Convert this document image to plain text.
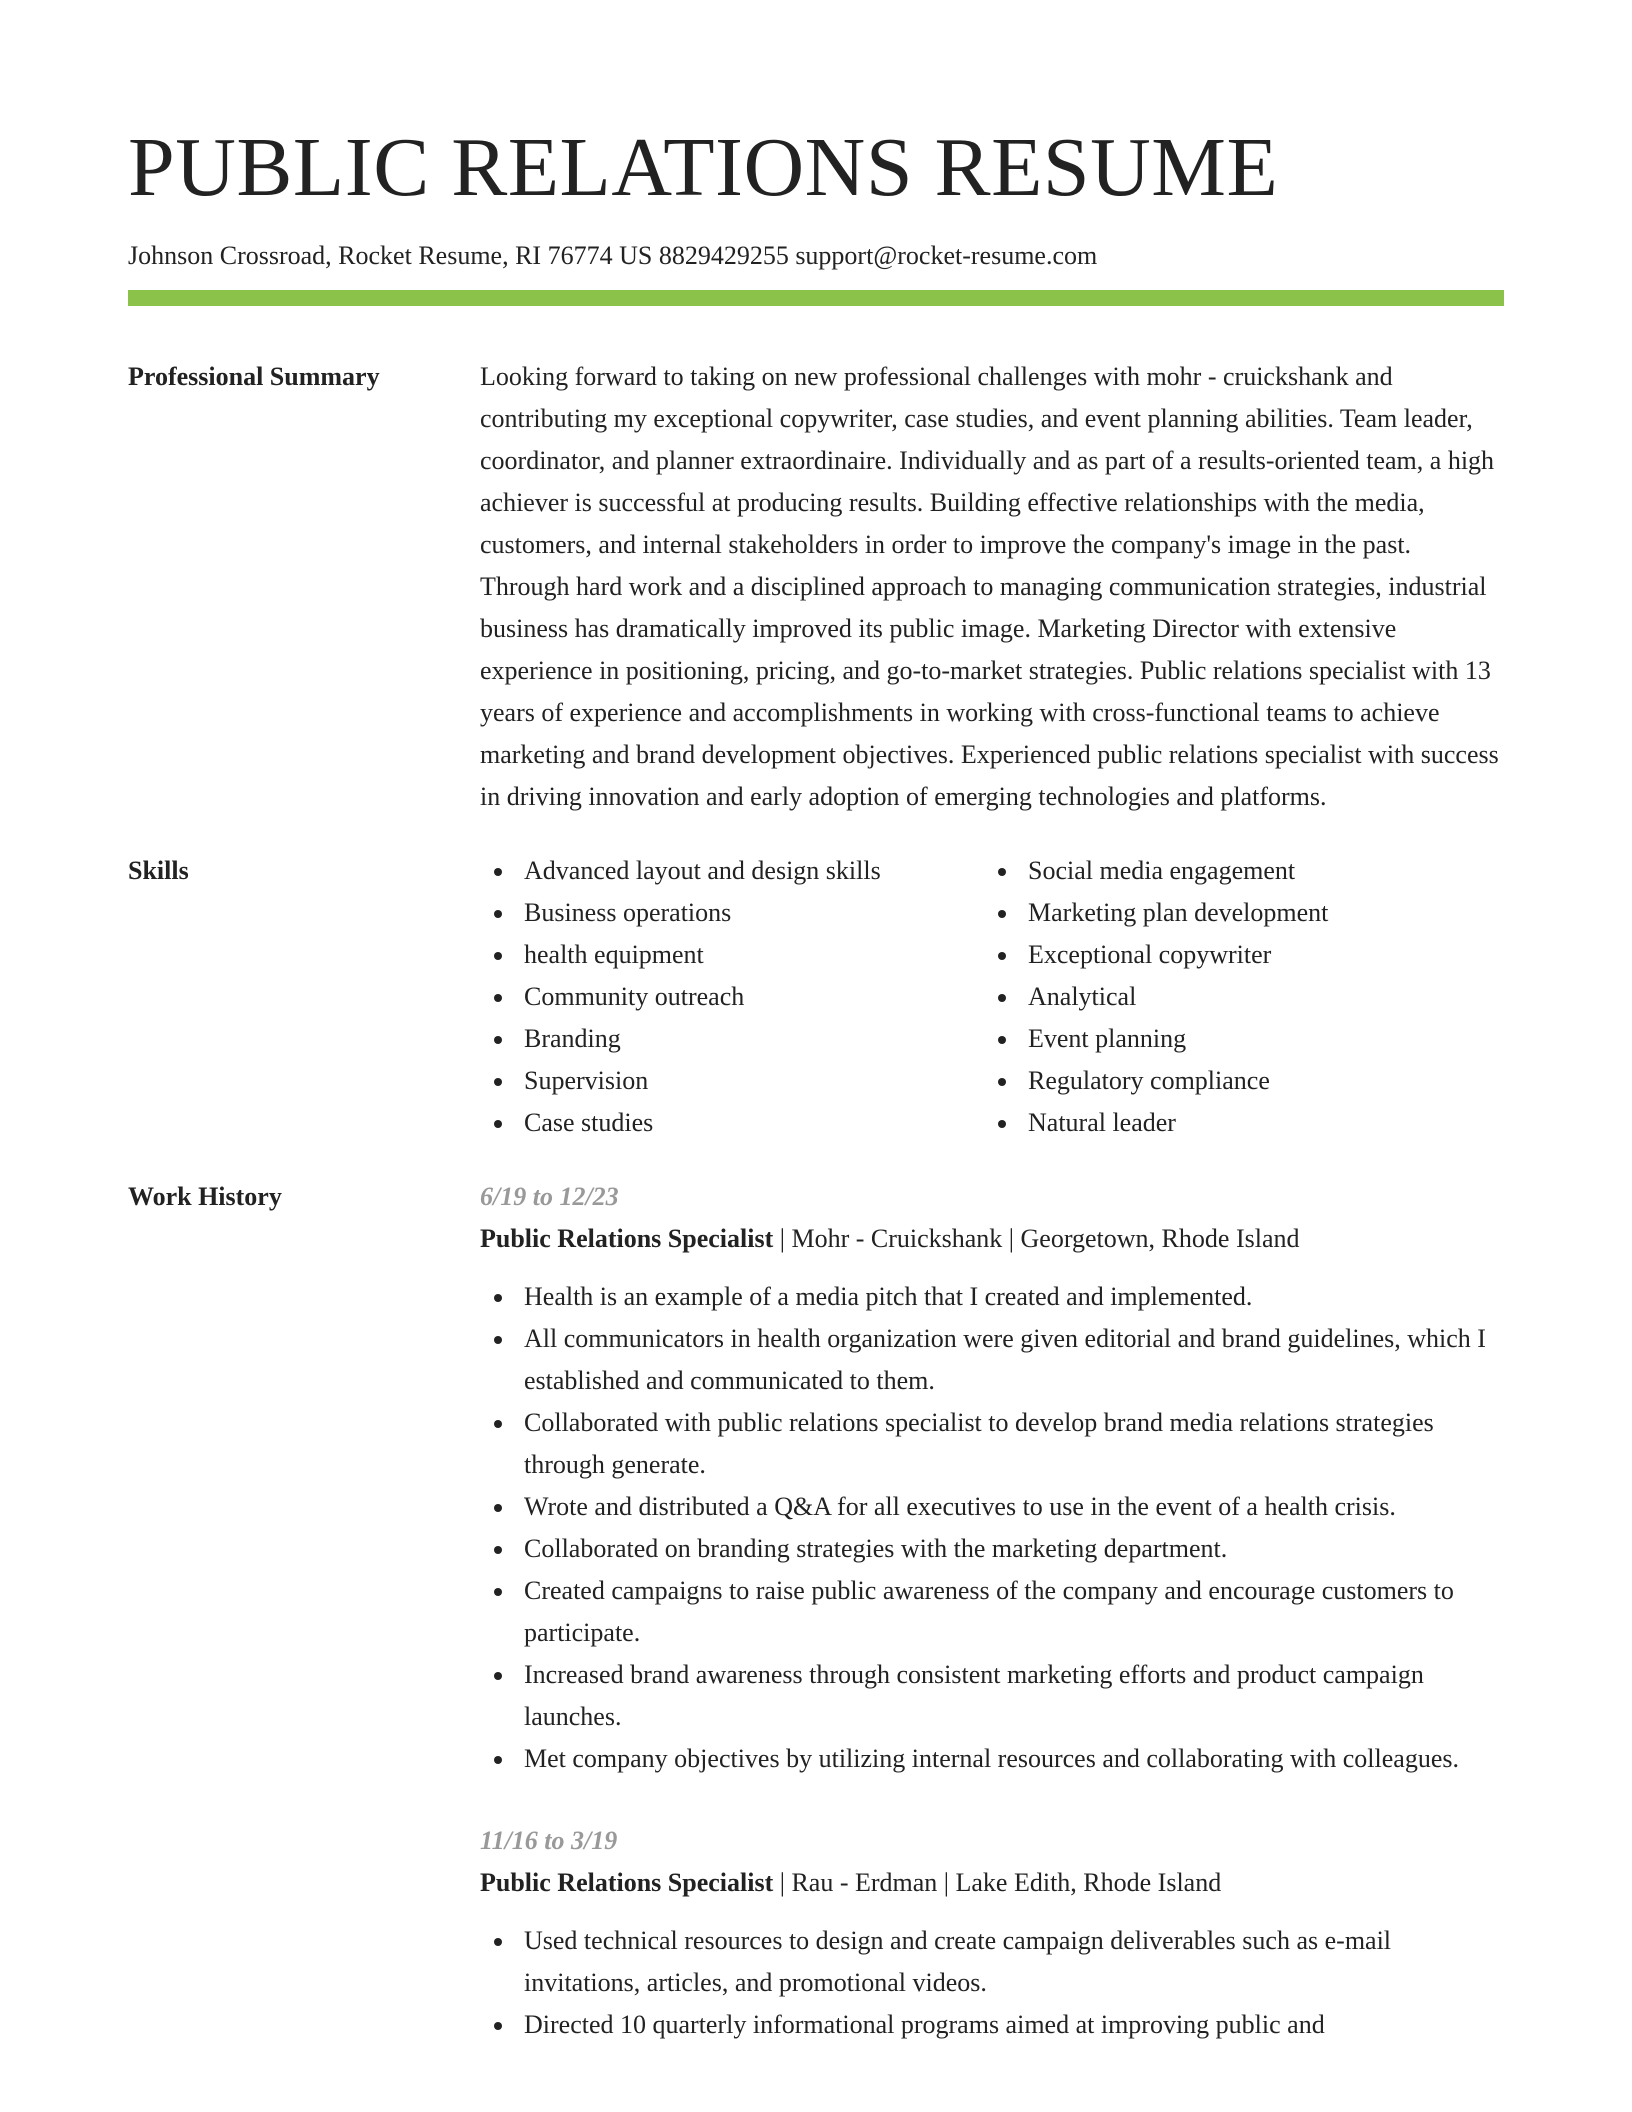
PUBLIC RELATIONS RESUME
Johnson Crossroad, Rocket Resume, RI 76774 US 8829429255 support@rocket-resume.com
Professional Summary	Looking forward to taking on new professional challenges with mohr - cruickshank and contributing my exceptional copywriter, case studies, and event planning abilities. Team leader, coordinator, and planner extraordinaire. Individually and as part of a results-oriented team, a high achiever is successful at producing results. Building effective relationships with the media, customers, and internal stakeholders in order to improve the company's image in the past. Through hard work and a disciplined approach to managing communication strategies, industrial business has dramatically improved its public image. Marketing Director with extensive experience in positioning, pricing, and go-to-market strategies. Public relations specialist with 13 years of experience and accomplishments in working with cross-functional teams to achieve marketing and brand development objectives. Experienced public relations specialist with success in driving innovation and early adoption of emerging technologies and platforms.
Skills	Advanced layout and design skills
Business operations
health equipment
Community outreach
Branding
Supervision
Case studies
Social media engagement
Marketing plan development
Exceptional copywriter
Analytical
Event planning
Regulatory compliance
Natural leader
Work History	6/19 to 12/23
Public Relations Specialist | Mohr - Cruickshank | Georgetown, Rhode Island
Health is an example of a media pitch that I created and implemented.
All communicators in health organization were given editorial and brand guidelines, which I established and communicated to them.
Collaborated with public relations specialist to develop brand media relations strategies through generate.
Wrote and distributed a Q&A for all executives to use in the event of a health crisis.
Collaborated on branding strategies with the marketing department.
Created campaigns to raise public awareness of the company and encourage customers to participate.
Increased brand awareness through consistent marketing efforts and product campaign launches.
Met company objectives by utilizing internal resources and collaborating with colleagues.
11/16 to 3/19
Public Relations Specialist | Rau - Erdman | Lake Edith, Rhode Island
Used technical resources to design and create campaign deliverables such as e-mail invitations, articles, and promotional videos.
Directed 10 quarterly informational programs aimed at improving public and
